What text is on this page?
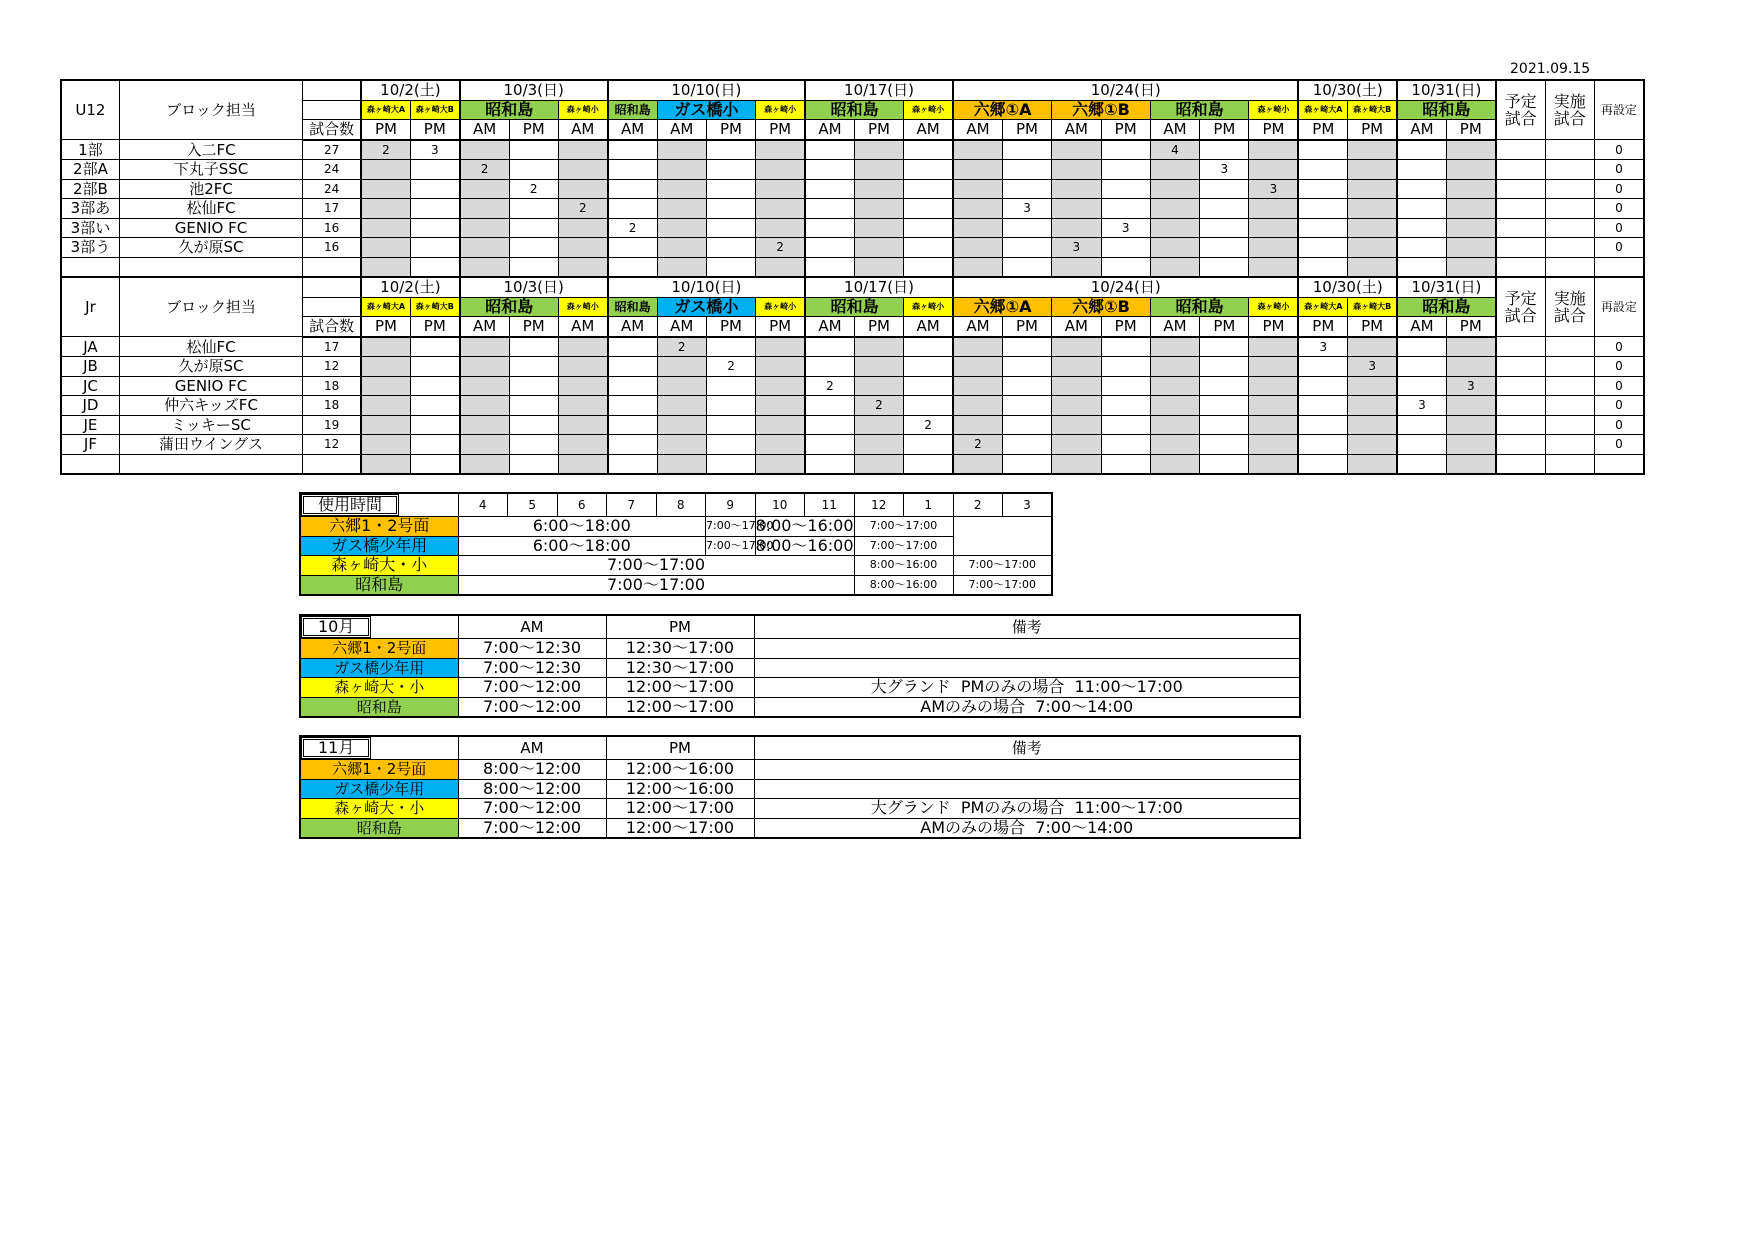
2021.09.15
U12	ブロック担当		10/2(土)		10/3(日)			10/10(日)				10/17(日)			10/24(日)							10/30(土)		10/31(日)		予定試合	実施試合	再設定
			森ヶ崎大A	森ヶ崎大B	昭和島		森ヶ崎小	昭和島	ガス橋小		森ヶ崎小	昭和島		森ヶ崎小	六郷①A		六郷①B		昭和島		森ヶ崎小	森ヶ崎大A	森ヶ崎大B	昭和島				
		試合数	PM	PM	AM	PM	AM	AM	AM	PM	PM	AM	PM	AM	AM	PM	AM	PM	AM	PM	PM	PM	PM	AM	PM			
1部	入二FC	27	2	3															4									0
2部A	下丸子SSC	24			2															3								0
2部B	池2FC	24				2															3							0
3部あ	松仙FC	17					2									3												0
3部い	GENIO FC	16						2										3										0
3部う	久が原SC	16									2						3											0

Jr	ブロック担当		10/2(土)		10/3(日)			10/10(日)				10/17(日)			10/24(日)							10/30(土)		10/31(日)		予定試合	実施試合	再設定
			森ヶ崎大A	森ヶ崎大B	昭和島		森ヶ崎小	昭和島	ガス橋小		森ヶ崎小	昭和島		森ヶ崎小	六郷①A		六郷①B		昭和島		森ヶ崎小	森ヶ崎大A	森ヶ崎大B	昭和島				
		試合数	PM	PM	AM	PM	AM	AM	AM	PM	PM	AM	PM	AM	AM	PM	AM	PM	AM	PM	PM	PM	PM	AM	PM			
JA	松仙FC	17							2													3						0
JB	久が原SC	12								2													3					0
JC	GENIO FC	18										2													3			0
JD	仲六キッズFC	18											2											3				0
JE	ミッキーSC	19												2														0
JF	蒲田ウイングス	12													2													0

使用時間	4	5	6	7	8	9	10	11	12	1	2	3
六郷1・2号面	6:00～18:00					7:00～17:00	8:00～16:00		7:00～17:00			
ガス橋少年用	6:00～18:00					7:00～17:00	8:00～16:00		7:00～17:00			
森ヶ崎大・小	7:00～17:00								8:00～16:00		7:00～17:00	
昭和島	7:00～17:00								8:00～16:00		7:00～17:00	
10月	AM	PM	備考
六郷1・2号面	7:00～12:30	12:30～17:00	
ガス橋少年用	7:00～12:30	12:30～17:00	
森ヶ崎大・小	7:00～12:00	12:00～17:00	大グランド  PMのみの場合  11:00～17:00
昭和島	7:00～12:00	12:00～17:00	AMのみの場合  7:00～14:00
11月	AM	PM	備考
六郷1・2号面	8:00～12:00	12:00～16:00	
ガス橋少年用	8:00～12:00	12:00～16:00	
森ヶ崎大・小	7:00～12:00	12:00～17:00	大グランド  PMのみの場合  11:00～17:00
昭和島	7:00～12:00	12:00～17:00	AMのみの場合  7:00～14:00
